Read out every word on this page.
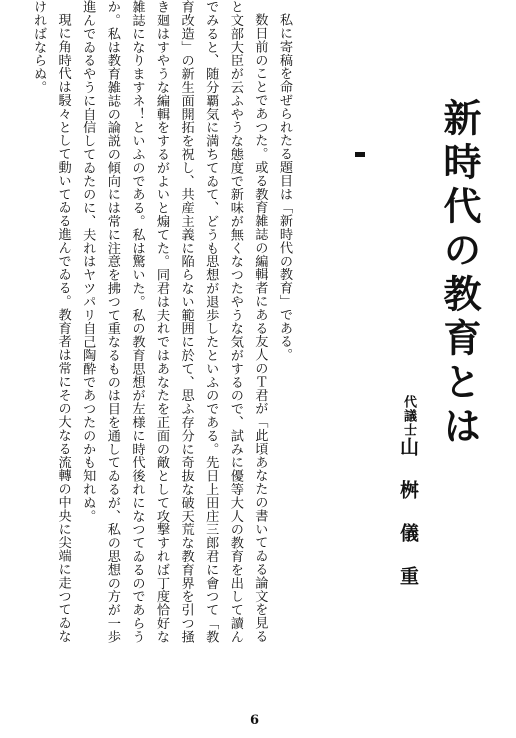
新時代の教育とは
代議士山桝儀重

私に寄稿を命ぜられたる題目は「新時代の教育」である。

数日前のことであつた。或る教育雑誌の編輯者にある友人のＴ君が「此頃あなたの書いてゐる論文を見ると文部大臣が云ふやうな態度で新味が無くなつたやうな気がするので、試みに優等大人の教育を出して讀んでみると、随分覇気に満ちてゐて、どうも思想が退歩したといふのである。先日上田庄三郎君に會つて「教育改造」の新生面開拓を祝し、共産主義に陥らない範囲に於て、思ふ存分に奇抜な破天荒な教育界を引つ掻き廻はすやうな編輯をするがよいと煽てた。同君は夫れではあなたを正面の敵として攻撃すれば丁度恰好な雑誌になりますネ！といふのである。私は驚いた。私の教育思想が左様に時代後れになつてゐるのであらうか。私は教育雑誌の論説の傾向には常に注意を拂つて重なるものは目を通してゐるが、私の思想の方が一歩進んでゐるやうに自信してゐたのに、夫れはヤツパリ自己陶酔であつたのかも知れぬ。

現に角時代は駸々として動いてゐる進んでゐる。教育者は常にその大なる流轉の中央に尖端に走つてゐなければならぬ。

6
